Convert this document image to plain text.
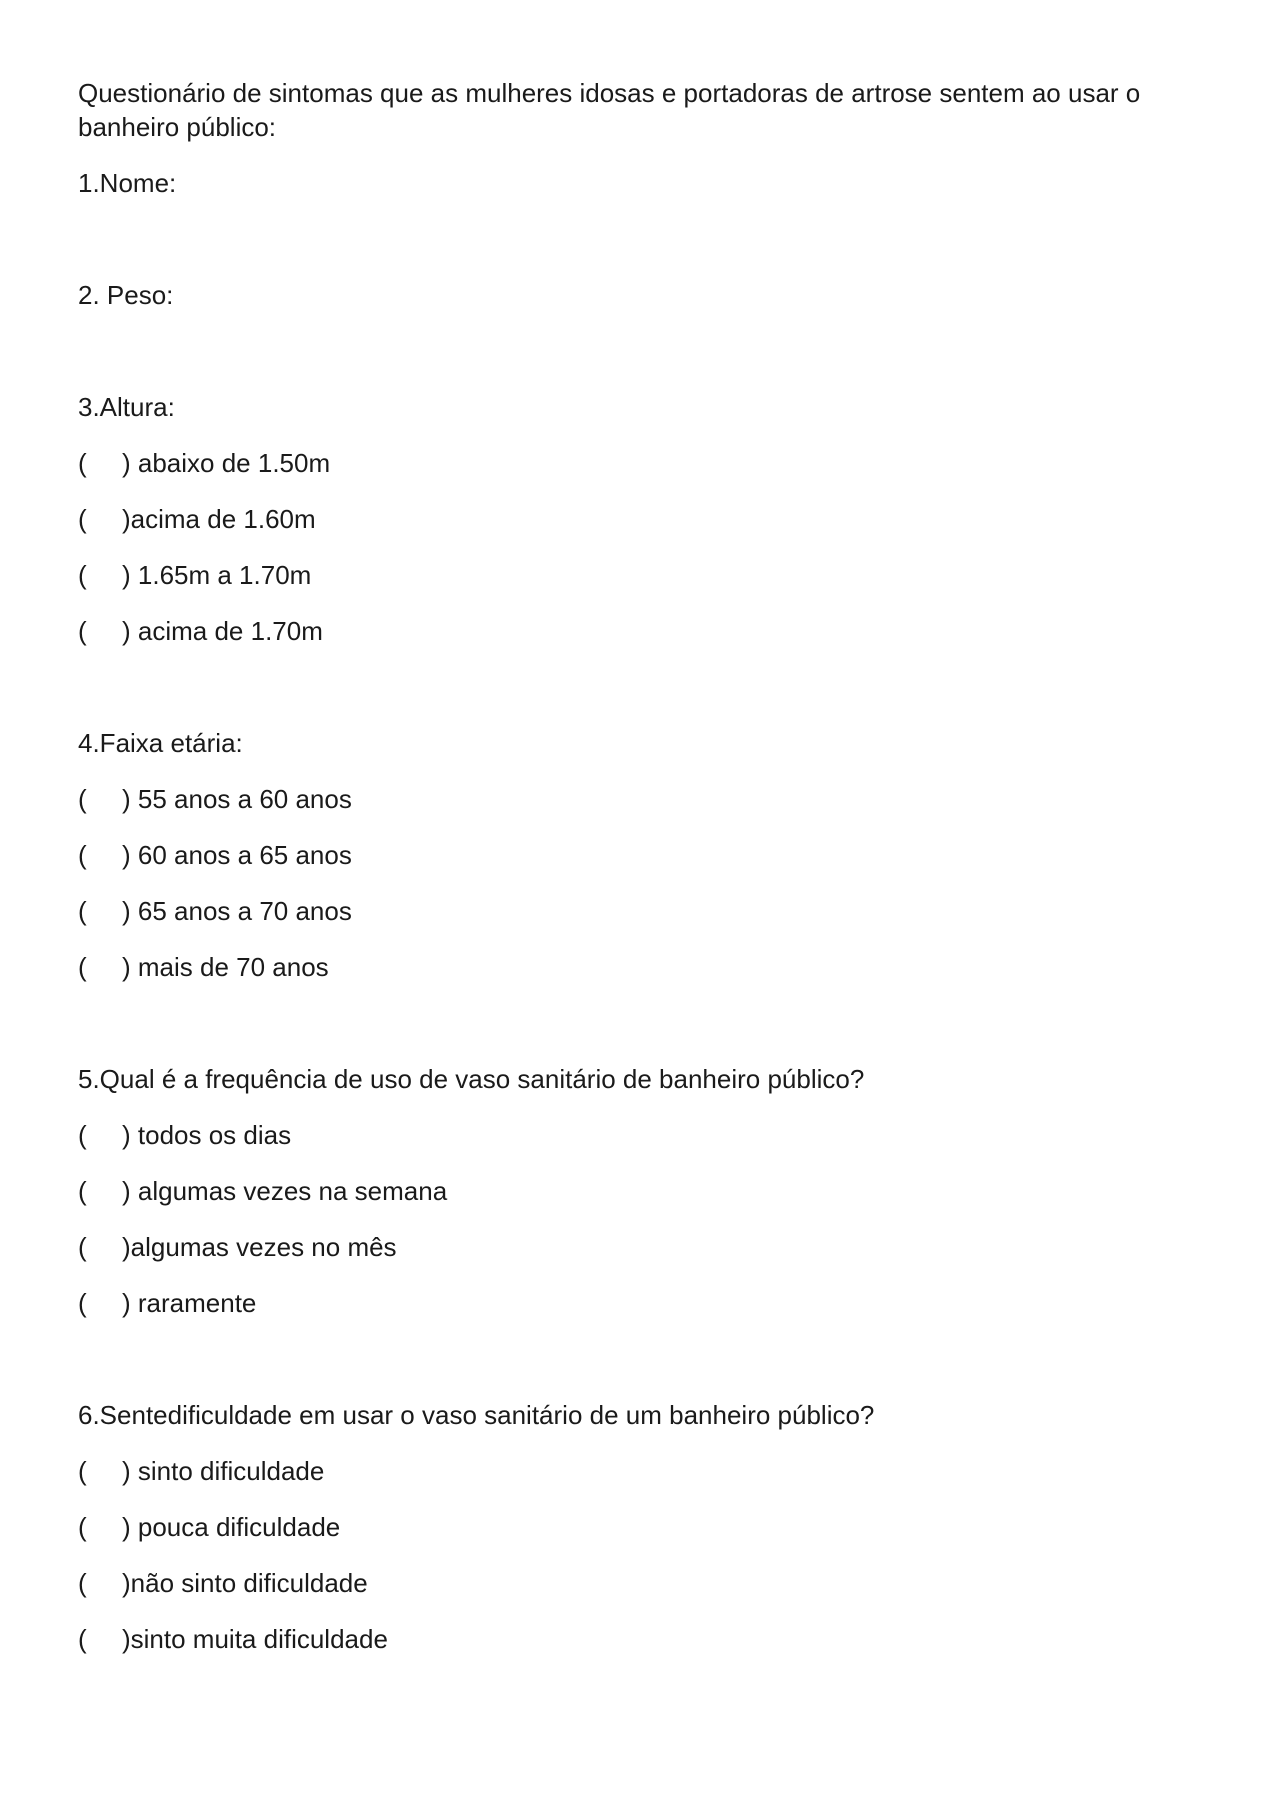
Questionário de sintomas que as mulheres idosas e portadoras de artrose sentem ao usar o banheiro público:
1.Nome:
2. Peso:
3.Altura:
( ) abaixo de 1.50m
( )acima de 1.60m
( ) 1.65m a 1.70m
( ) acima de 1.70m
4.Faixa etária:
( ) 55 anos a 60 anos
( ) 60 anos a 65 anos
( ) 65 anos a 70 anos
( ) mais de 70 anos
5.Qual é a frequência de uso de vaso sanitário de banheiro público?
( ) todos os dias
( ) algumas vezes na semana
( )algumas vezes no mês
( ) raramente
6.Sentedificuldade em usar o vaso sanitário de um banheiro público?
( ) sinto dificuldade
( ) pouca dificuldade
( )não sinto dificuldade
( )sinto muita dificuldade
